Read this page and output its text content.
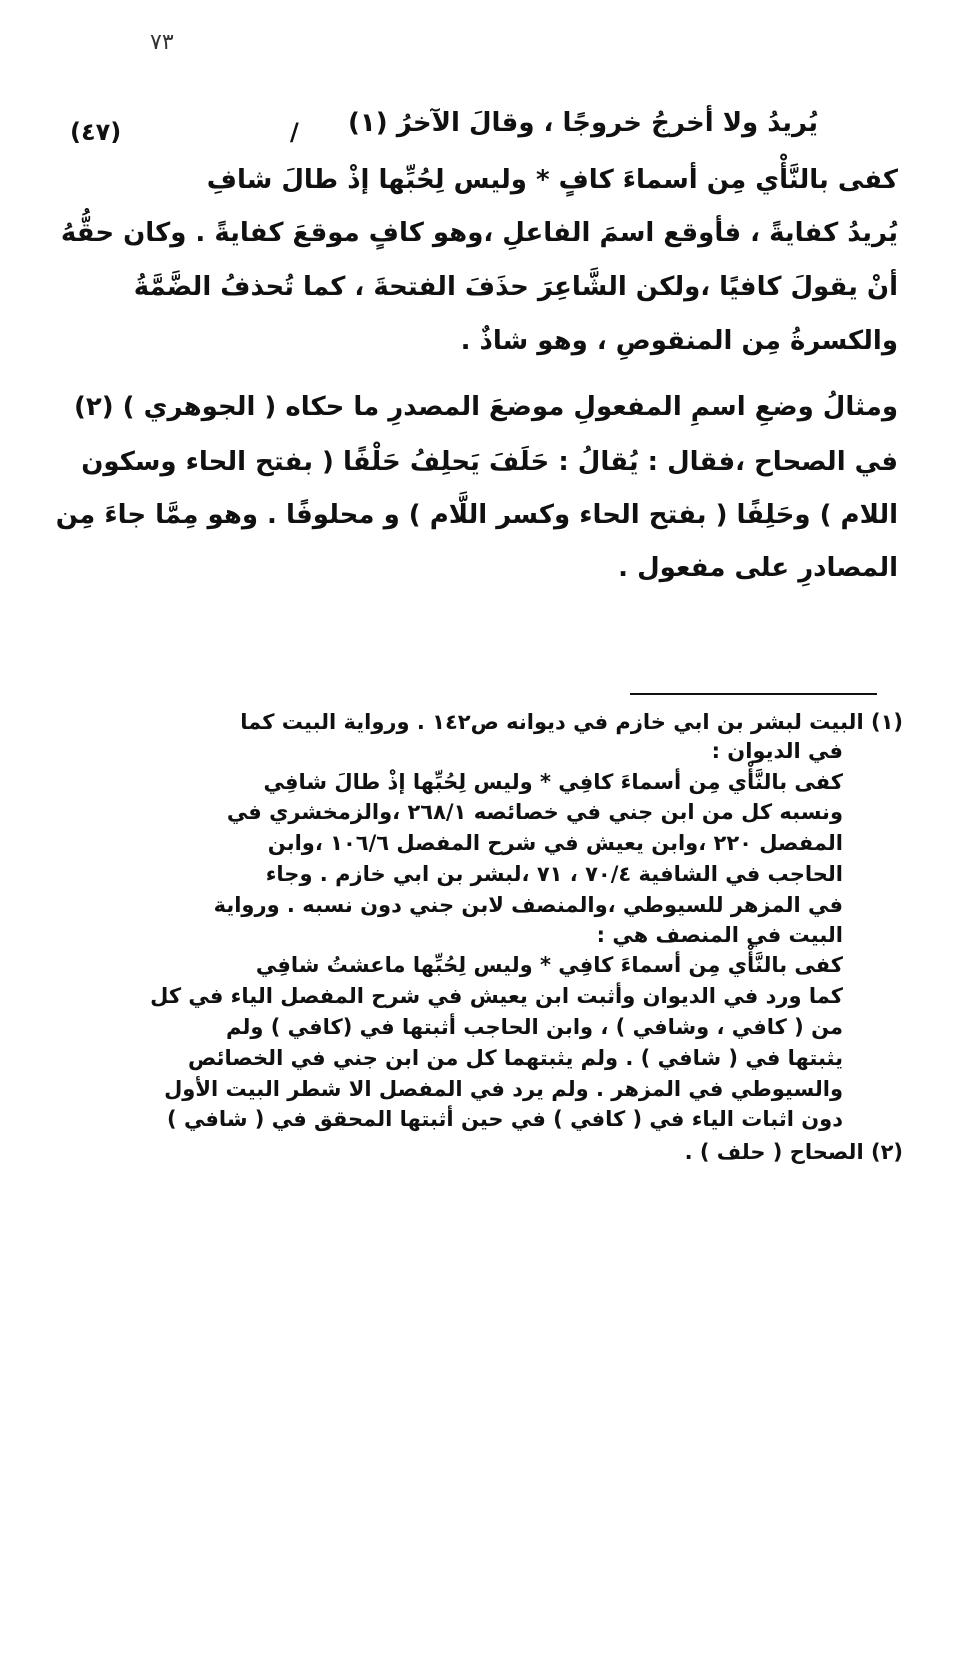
٧٣
(٤٧)	/ يُريدُ ولا أخرجُ خروجًا ، وقالَ الآخرُ (١)
كفى بالنَّأْي مِن أسماءَ كافٍ * وليس لِحُبِّها إذْ طالَ شافِ
يُريدُ كفايةً ، فأوقع اسمَ الفاعلِ ،وهو كافٍ موقعَ كفايةً . وكان حقُّهُ
أنْ يقولَ كافيًا ،ولكن الشَّاعِرَ حذَفَ الفتحةَ ، كما تُحذفُ الضَّمَّةُ
والكسرةُ مِن المنقوصِ ، وهو شاذٌ .
ومثالُ وضعِ اسمِ المفعولِ موضعَ المصدرِ ما حكاه ( الجوهري ) (٢)
في الصحاح ،فقال : يُقالُ : حَلَفَ يَحلِفُ حَلْفًا ( بفتح الحاء وسكون
اللام ) وحَلِفًا ( بفتح الحاء وكسر اللَّام ) و محلوفًا . وهو مِمَّا جاءَ مِن
المصادرِ على مفعول .
(١) البيت لبشر بن ابي خازم في ديوانه ص١٤٢ . ورواية البيت كما
في الديوان :
كفى بالنَّأْي مِن أسماءَ كافِي * وليس لِحُبِّها إذْ طالَ شافِي
ونسبه كل من ابن جني في خصائصه ٢٦٨/١ ،والزمخشري في
المفصل ٢٢٠ ،وابن يعيش في شرح المفصل ١٠٦/٦ ،وابن
الحاجب في الشافية ٧٠/٤ ، ٧١ ،لبشر بن ابي خازم . وجاء
في المزهر للسيوطي ،والمنصف لابن جني دون نسبه . ورواية
البيت في المنصف هي :
كفى بالنَّأْي مِن أسماءَ كافِي * وليس لِحُبِّها ماعشتُ شافِي
كما ورد في الديوان وأثبت ابن يعيش في شرح المفصل الياء في كل
من ( كافي ، وشافي ) ، وابن الحاجب أثبتها في (كافي ) ولم
يثبتها في ( شافي ) . ولم يثبتهما كل من ابن جني في الخصائص
والسيوطي في المزهر . ولم يرد في المفصل الا شطر البيت الأول
دون اثبات الياء في ( كافي ) في حين أثبتها المحقق في ( شافي )
(٢) الصحاح ( حلف ) .
